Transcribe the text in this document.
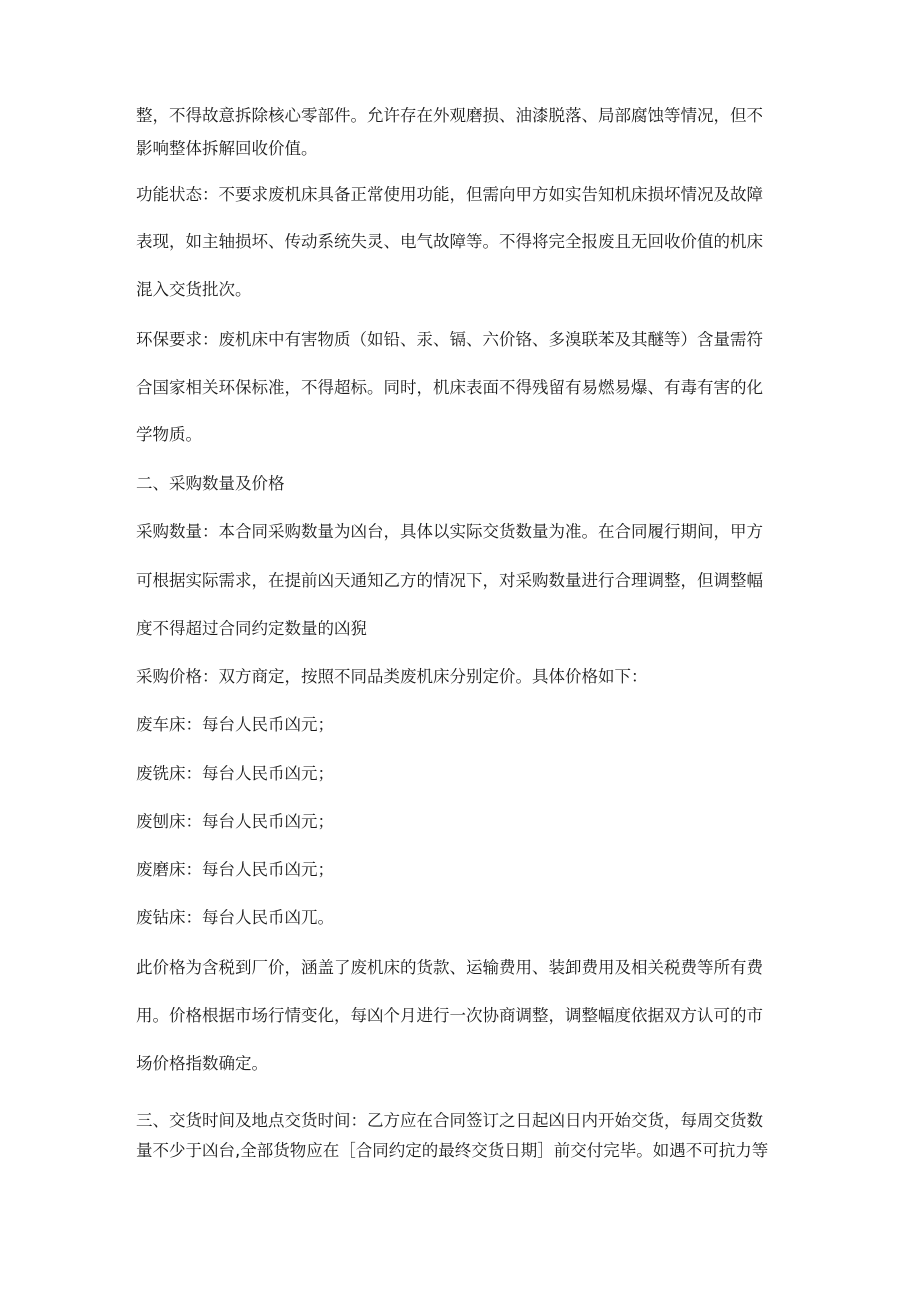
整，不得故意拆除核心零部件。允许存在外观磨损、油漆脱落、局部腐蚀等情况，但不
影响整体拆解回收价值。
功能状态：不要求废机床具备正常使用功能，但需向甲方如实告知机床损坏情况及故障
表现，如主轴损坏、传动系统失灵、电气故障等。不得将完全报废且无回收价值的机床
混入交货批次。
环保要求：废机床中有害物质（如铅、汞、镉、六价铬、多溴联苯及其醚等）含量需符
合国家相关环保标准，不得超标。同时，机床表面不得残留有易燃易爆、有毒有害的化
学物质。
二、采购数量及价格
采购数量：本合同采购数量为凶台，具体以实际交货数量为准。在合同履行期间，甲方
可根据实际需求，在提前凶天通知乙方的情况下，对采购数量进行合理调整，但调整幅
度不得超过合同约定数量的凶猊
采购价格：双方商定，按照不同品类废机床分别定价。具体价格如下：
废车床：每台人民币凶元；
废铣床：每台人民币凶元；
废刨床：每台人民币凶元；
废磨床：每台人民币凶元；
废钻床：每台人民币凶兀。
此价格为含税到厂价，涵盖了废机床的货款、运输费用、装卸费用及相关税费等所有费
用。价格根据市场行情变化，每凶个月进行一次协商调整，调整幅度依据双方认可的市
场价格指数确定。
三、交货时间及地点交货时间：乙方应在合同签订之日起凶日内开始交货，每周交货数
量不少于凶台,全部货物应在［合同约定的最终交货日期］前交付完毕。如遇不可抗力等
